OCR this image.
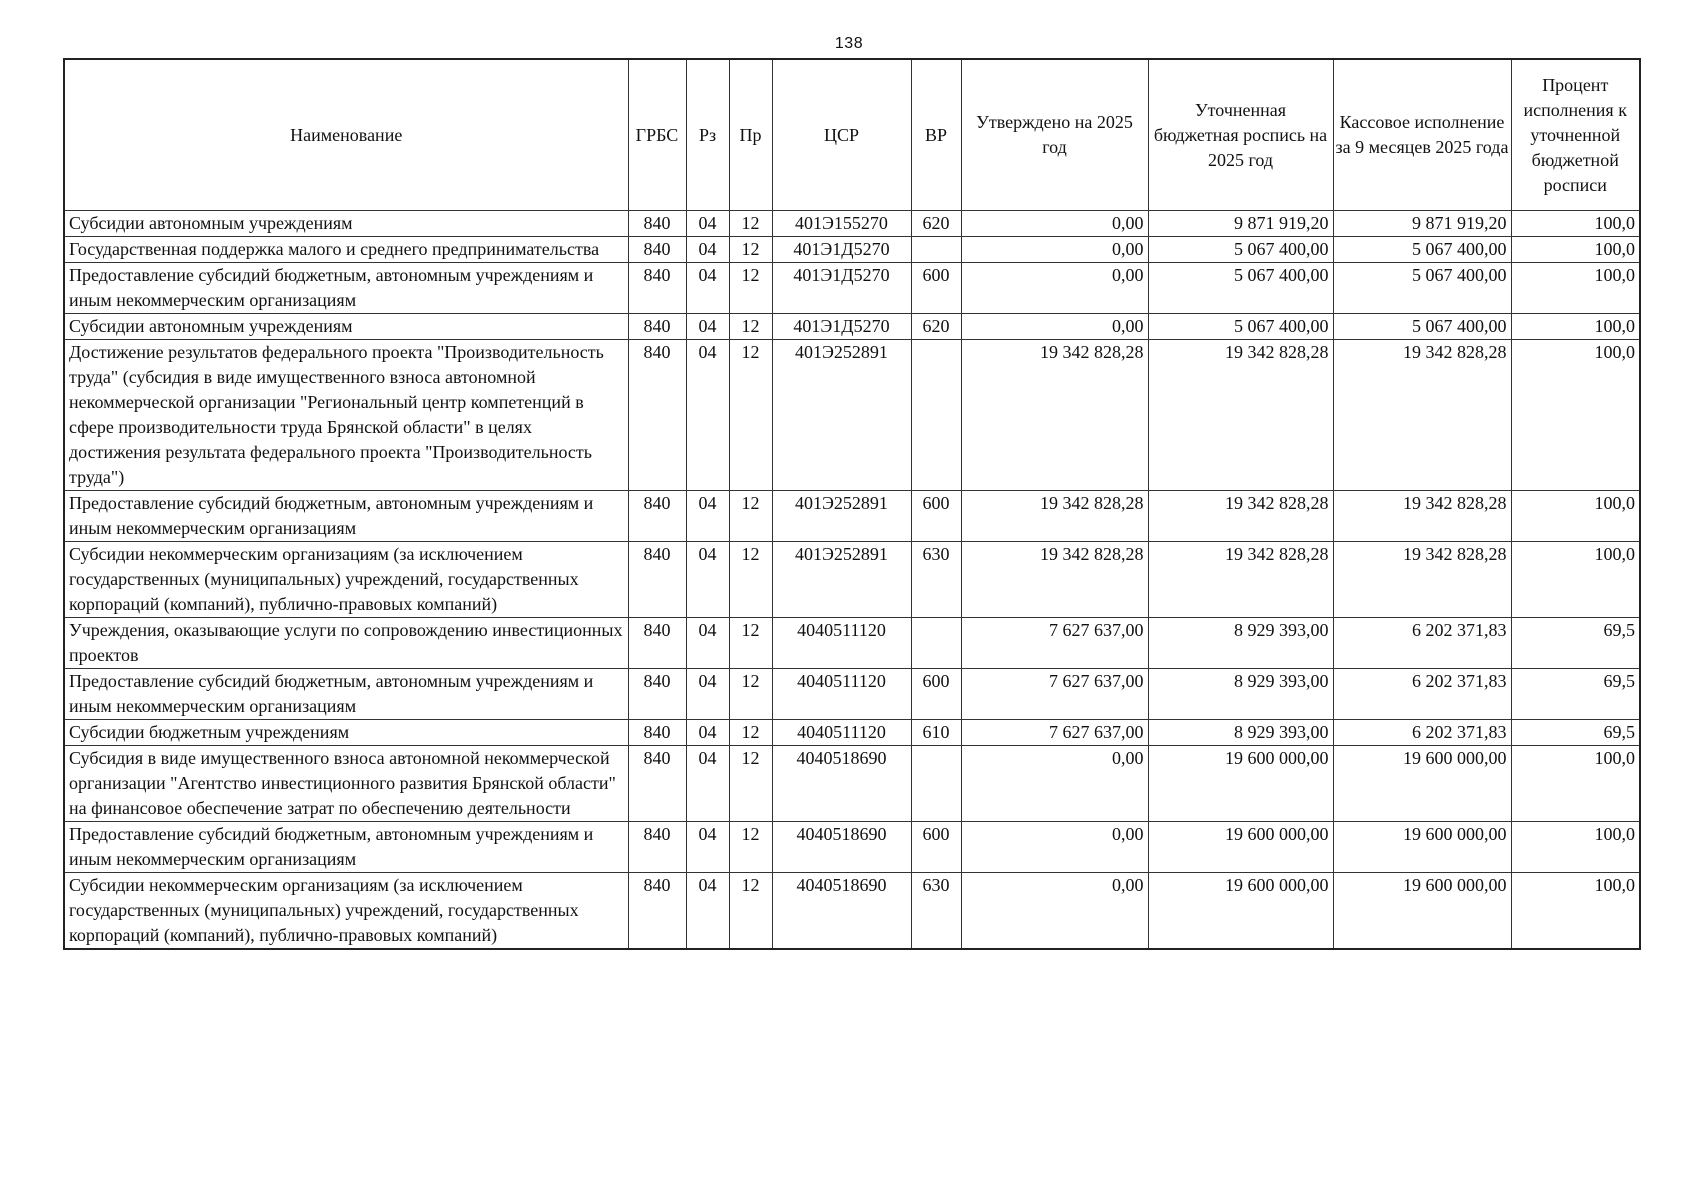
138
Наименование	ГРБС	Рз	Пр	ЦСР	ВР	Утверждено на 2025 год	Уточненная бюджетная роспись на 2025 год	Кассовое исполнение за 9 месяцев 2025 года	Процент исполнения к уточненной бюджетной росписи
Субсидии автономным учреждениям	840	04	12	401Э155270	620	0,00	9 871 919,20	9 871 919,20	100,0
Государственная поддержка малого и среднего предпринимательства	840	04	12	401Э1Д5270		0,00	5 067 400,00	5 067 400,00	100,0
Предоставление субсидий бюджетным, автономным учреждениям и иным некоммерческим организациям	840	04	12	401Э1Д5270	600	0,00	5 067 400,00	5 067 400,00	100,0
Субсидии автономным учреждениям	840	04	12	401Э1Д5270	620	0,00	5 067 400,00	5 067 400,00	100,0
Достижение результатов федерального проекта "Производительность труда" (субсидия в виде имущественного взноса автономной некоммерческой организации "Региональный центр компетенций в сфере производительности труда Брянской области" в целях достижения результата федерального проекта "Производительность труда")	840	04	12	401Э252891		19 342 828,28	19 342 828,28	19 342 828,28	100,0
Предоставление субсидий бюджетным, автономным учреждениям и иным некоммерческим организациям	840	04	12	401Э252891	600	19 342 828,28	19 342 828,28	19 342 828,28	100,0
Субсидии некоммерческим организациям (за исключением государственных (муниципальных) учреждений, государственных корпораций (компаний), публично-правовых компаний)	840	04	12	401Э252891	630	19 342 828,28	19 342 828,28	19 342 828,28	100,0
Учреждения, оказывающие услуги по сопровождению инвестиционных проектов	840	04	12	4040511120		7 627 637,00	8 929 393,00	6 202 371,83	69,5
Предоставление субсидий бюджетным, автономным учреждениям и иным некоммерческим организациям	840	04	12	4040511120	600	7 627 637,00	8 929 393,00	6 202 371,83	69,5
Субсидии бюджетным учреждениям	840	04	12	4040511120	610	7 627 637,00	8 929 393,00	6 202 371,83	69,5
Субсидия в виде имущественного взноса автономной некоммерческой организации "Агентство инвестиционного развития Брянской области" на финансовое обеспечение затрат по обеспечению деятельности	840	04	12	4040518690		0,00	19 600 000,00	19 600 000,00	100,0
Предоставление субсидий бюджетным, автономным учреждениям и иным некоммерческим организациям	840	04	12	4040518690	600	0,00	19 600 000,00	19 600 000,00	100,0
Субсидии некоммерческим организациям (за исключением государственных (муниципальных) учреждений, государственных корпораций (компаний), публично-правовых компаний)	840	04	12	4040518690	630	0,00	19 600 000,00	19 600 000,00	100,0
